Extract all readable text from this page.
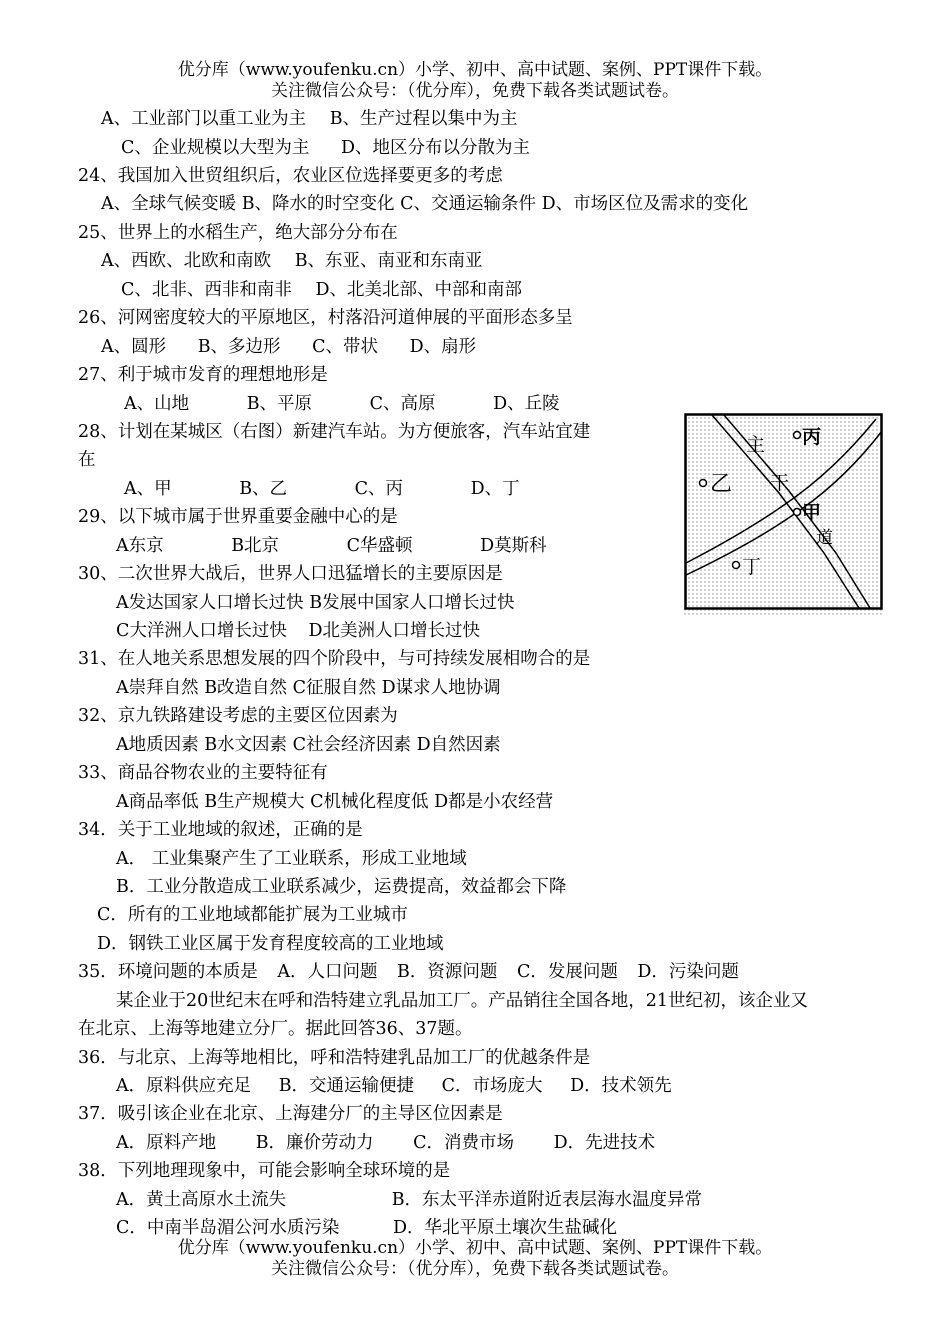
优分库（www.youfenku.cn）小学、初中、高中试题、案例、PPT课件下载。
关注微信公众号：（优分库），免费下载各类试题试卷。
A、工业部门以重工业为主 B、生产过程以集中为主
C、企业规模以大型为主 D、地区分布以分散为主
24、我国加入世贸组织后，农业区位选择要更多的考虑
A、全球气候变暖 B、降水的时空变化 C、交通运输条件 D、市场区位及需求的变化
25、世界上的水稻生产，绝大部分分布在
A、西欧、北欧和南欧 B、东亚、南亚和东南亚
C、北非、西非和南非 D、北美北部、中部和南部
26、河网密度较大的平原地区，村落沿河道伸展的平面形态多呈
A、圆形 B、多边形 C、带状 D、扇形
27、利于城市发育的理想地形是
A、山地 B、平原 C、高原 D、丘陵
28、计划在某城区（右图）新建汽车站。为方便旅客，汽车站宜建
在
A、甲 B、乙 C、丙 D、丁
29、以下城市属于世界重要金融中心的是
A东京 B北京 C华盛顿 D莫斯科
30、二次世界大战后，世界人口迅猛增长的主要原因是
A发达国家人口增长过快 B发展中国家人口增长过快
C大洋洲人口增长过快 D北美洲人口增长过快
31、在人地关系思想发展的四个阶段中，与可持续发展相吻合的是
A崇拜自然 B改造自然 C征服自然 D谋求人地协调
32、京九铁路建设考虑的主要区位因素为
A地质因素 B水文因素 C社会经济因素 D自然因素
33、商品谷物农业的主要特征有
A商品率低 B生产规模大 C机械化程度低 D都是小农经营
34．关于工业地域的叙述，正确的是
A． 工业集聚产生了工业联系，形成工业地域
B．工业分散造成工业联系减少，运费提高，效益都会下降
C．所有的工业地域都能扩展为工业城市
D．钢铁工业区属于发育程度较高的工业地域
35．环境问题的本质是 A．人口问题 B．资源问题 C．发展问题 D．污染问题
某企业于20世纪末在呼和浩特建立乳品加工厂。产品销往全国各地，21世纪初，该企业又
在北京、上海等地建立分厂。据此回答36、37题。
36．与北京、上海等地相比，呼和浩特建乳品加工厂的优越条件是
A．原料供应充足 B．交通运输便捷 C．市场庞大 D．技术领先
37．吸引该企业在北京、上海建分厂的主导区位因素是
A．原料产地 B．廉价劳动力 C．消费市场 D．先进技术
38．下列地理现象中，可能会影响全球环境的是
A．黄土高原水土流失 B．东太平洋赤道附近表层海水温度异常
C．中南半岛湄公河水质污染 D．华北平原土壤次生盐碱化
主 丙
乙 干
甲
道
丁
优分库（www.youfenku.cn）小学、初中、高中试题、案例、PPT课件下载。
关注微信公众号：（优分库），免费下载各类试题试卷。
